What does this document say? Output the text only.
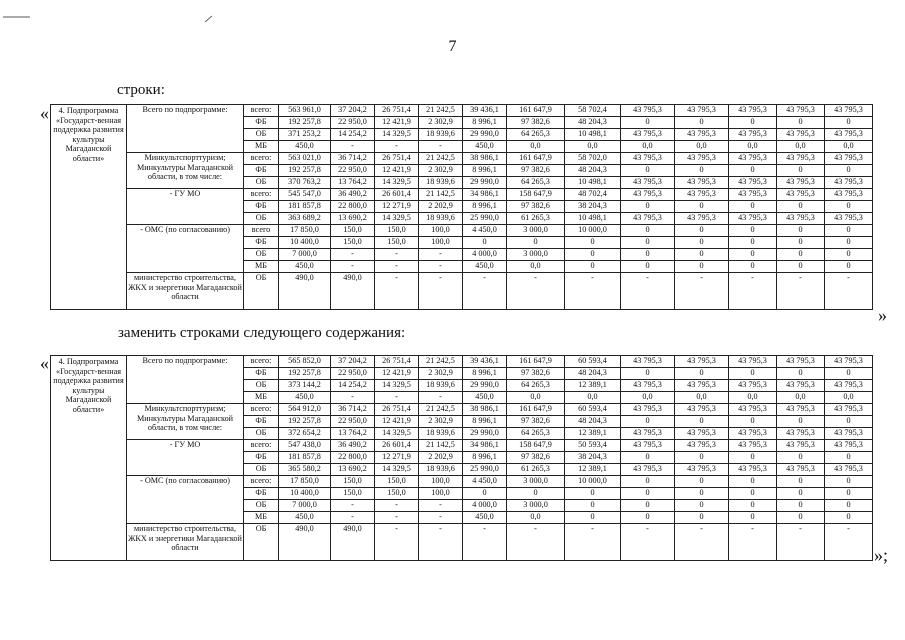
7
строки:
«
»
заменить строками следующего содержания:
«
»;
4. Подпрограмма «Государст-венная поддержка развития культуры Магаданской области»	Всего по подпрограмме:	всего:	563 961,0	37 204,2	26 751,4	21 242,5	39 436,1	161 647,9	58 702,4	43 795,3	43 795,3	43 795,3	43 795,3	43 795,3
		ФБ	192 257,8	22 950,0	12 421,9	2 302,9	8 996,1	97 382,6	48 204,3	0	0	0	0	0
		ОБ	371 253,2	14 254,2	14 329,5	18 939,6	29 990,0	64 265,3	10 498,1	43 795,3	43 795,3	43 795,3	43 795,3	43 795,3
		МБ	450,0	-	-	-	450,0	0,0	0,0	0,0	0,0	0,0	0,0	0,0
	Минкультспорттуризм; Минкультуры Магаданской области, в том числе:	всего:	563 021,0	36 714,2	26 751,4	21 242,5	38 986,1	161 647,9	58 702,0	43 795,3	43 795,3	43 795,3	43 795,3	43 795,3
		ФБ	192 257,8	22 950,0	12 421,9	2 302,9	8 996,1	97 382,6	48 204,3	0	0	0	0	0
		ОБ	370 763,2	13 764,2	14 329,5	18 939,6	29 990,0	64 265,3	10 498,1	43 795,3	43 795,3	43 795,3	43 795,3	43 795,3
	- ГУ МО	всего:	545 547,0	36 490,2	26 601,4	21 142,5	34 986,1	158 647,9	48 702,4	43 795,3	43 795,3	43 795,3	43 795,3	43 795,3
		ФБ	181 857,8	22 800,0	12 271,9	2 202,9	8 996,1	97 382,6	38 204,3	0	0	0	0	0
		ОБ	363 689,2	13 690,2	14 329,5	18 939,6	25 990,0	61 265,3	10 498,1	43 795,3	43 795,3	43 795,3	43 795,3	43 795,3
	- ОМС (по согласованию)	всего	17 850,0	150,0	150,0	100,0	4 450,0	3 000,0	10 000,0	0	0	0	0	0
		ФБ	10 400,0	150,0	150,0	100,0	0	0	0	0	0	0	0	0
		ОБ	7 000,0	-	-	-	4 000,0	3 000,0	0	0	0	0	0	0
		МБ	450,0	-	-	-	450,0	0,0	0	0	0	0	0	0
	министерство строительства, ЖКХ и энергетики Магаданской области	ОБ	490,0	490,0	-	-	-	-	-	-	-	-	-	-
4. Подпрограмма «Государст-венная поддержка развития культуры Магаданской области»	Всего по подпрограмме:	всего:	565 852,0	37 204,2	26 751,4	21 242,5	39 436,1	161 647,9	60 593,4	43 795,3	43 795,3	43 795,3	43 795,3	43 795,3
		ФБ	192 257,8	22 950,0	12 421,9	2 302,9	8 996,1	97 382,6	48 204,3	0	0	0	0	0
		ОБ	373 144,2	14 254,2	14 329,5	18 939,6	29 990,0	64 265,3	12 389,1	43 795,3	43 795,3	43 795,3	43 795,3	43 795,3
		МБ	450,0	-	-	-	450,0	0,0	0,0	0,0	0,0	0,0	0,0	0,0
	Минкультспорттуризм; Минкультуры Магаданской области, в том числе:	всего:	564 912,0	36 714,2	26 751,4	21 242,5	38 986,1	161 647,9	60 593,4	43 795,3	43 795,3	43 795,3	43 795,3	43 795,3
		ФБ	192 257,8	22 950,0	12 421,9	2 302,9	8 996,1	97 382,6	48 204,3	0	0	0	0	0
		ОБ	372 654,2	13 764,2	14 329,5	18 939,6	29 990,0	64 265,3	12 389,1	43 795,3	43 795,3	43 795,3	43 795,3	43 795,3
	- ГУ МО	всего:	547 438,0	36 490,2	26 601,4	21 142,5	34 986,1	158 647,9	50 593,4	43 795,3	43 795,3	43 795,3	43 795,3	43 795,3
		ФБ	181 857,8	22 800,0	12 271,9	2 202,9	8 996,1	97 382,6	38 204,3	0	0	0	0	0
		ОБ	365 580,2	13 690,2	14 329,5	18 939,6	25 990,0	61 265,3	12 389,1	43 795,3	43 795,3	43 795,3	43 795,3	43 795,3
	- ОМС (по согласованию)	всего:	17 850,0	150,0	150,0	100,0	4 450,0	3 000,0	10 000,0	0	0	0	0	0
		ФБ	10 400,0	150,0	150,0	100,0	0	0	0	0	0	0	0	0
		ОБ	7 000,0	-	-	-	4 000,0	3 000,0	0	0	0	0	0	0
		МБ	450,0	-	-	-	450,0	0,0	0	0	0	0	0	0
	министерство строительства, ЖКХ и энергетики Магаданской области	ОБ	490,0	490,0	-	-	-	-	-	-	-	-	-	-
